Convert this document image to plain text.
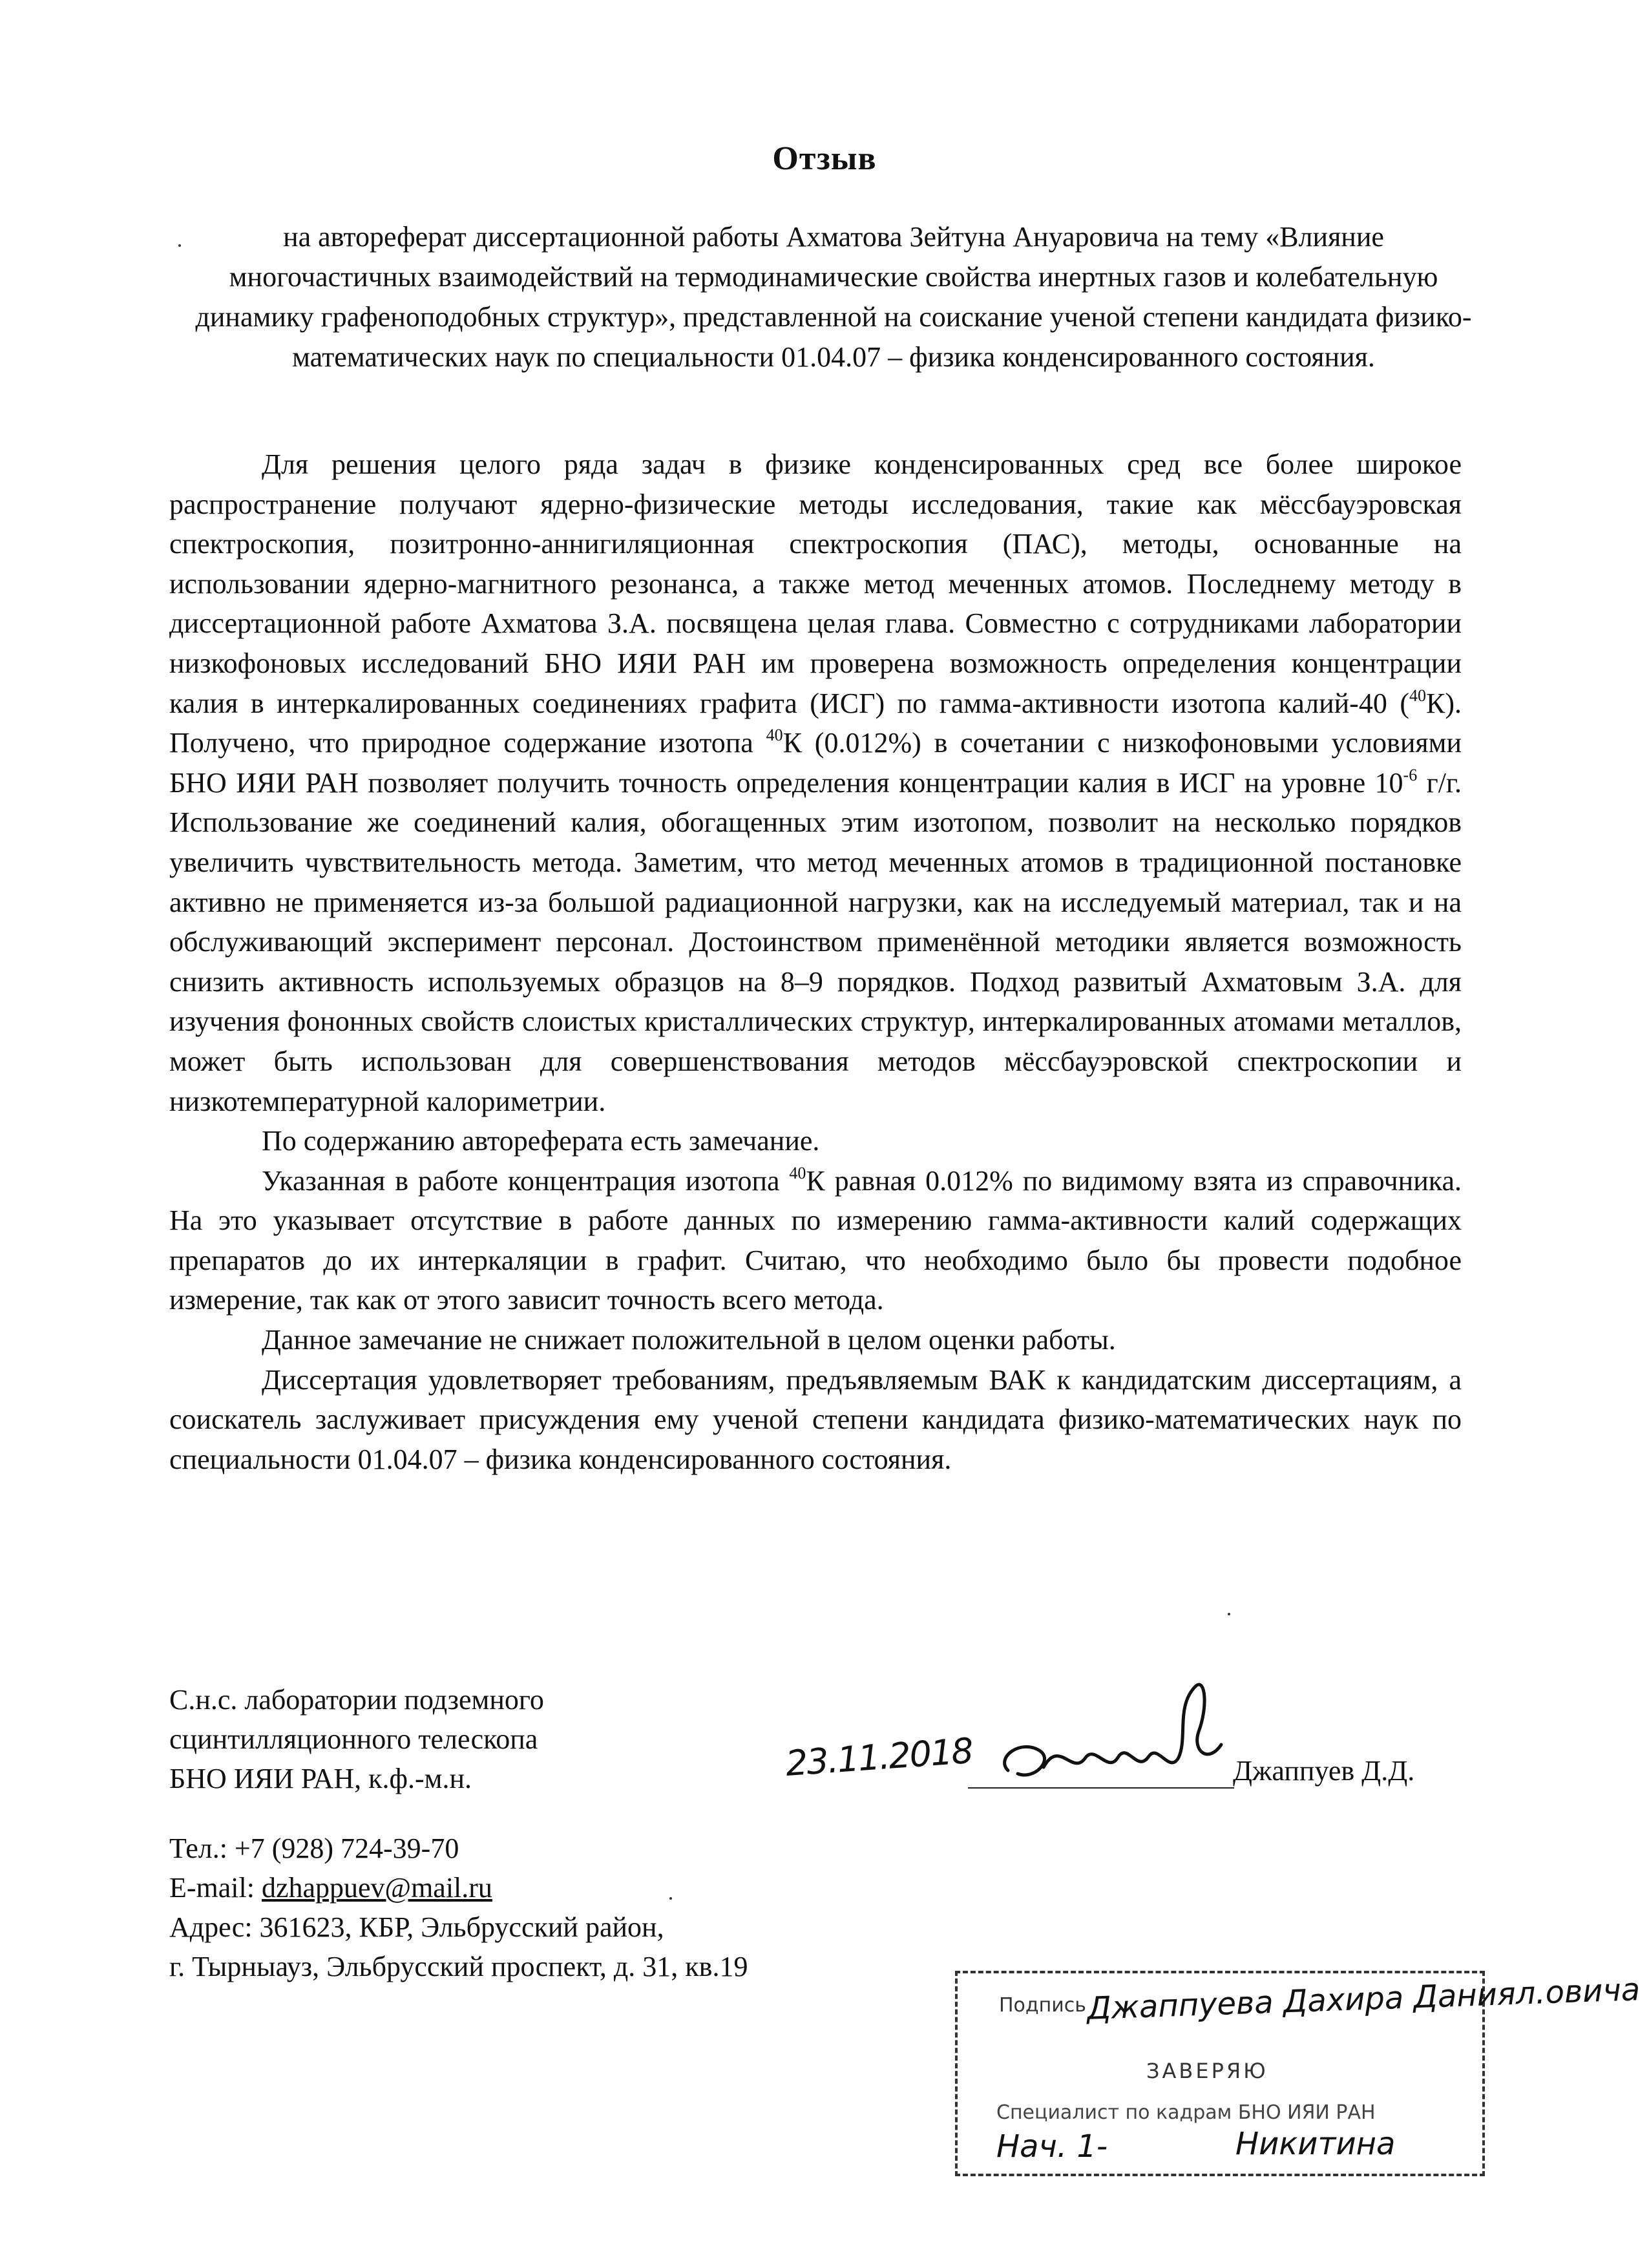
Отзыв
на автореферат диссертационной работы Ахматова Зейтуна Ануаровича на тему «Влияние многочастичных взаимодействий на термодинамические свойства инертных газов и колебательную динамику графеноподобных структур», представленной на соискание ученой степени кандидата физико-математических наук по специальности 01.04.07 – физика конденсированного состояния.

Для решения целого ряда задач в физике конденсированных сред все более широкое распространение получают ядерно-физические методы исследования, такие как мёссбауэровская спектроскопия, позитронно-аннигиляционная спектроскопия (ПАС), методы, основанные на использовании ядерно-магнитного резонанса, а также метод меченных атомов. Последнему методу в диссертационной работе Ахматова З.А. посвящена целая глава. Совместно с сотрудниками лаборатории низкофоновых исследований БНО ИЯИ РАН им проверена возможность определения концентрации калия в интеркалированных соединениях графита (ИСГ) по гамма-активности изотопа калий-40 ($^{40}$К). Получено, что природное содержание изотопа $^{40}$К (0.012%) в сочетании с низкофоновыми условиями БНО ИЯИ РАН позволяет получить точность определения концентрации калия в ИСГ на уровне $10^{-6}$ г/г. Использование же соединений калия, обогащенных этим изотопом, позволит на несколько порядков увеличить чувствительность метода. Заметим, что метод меченных атомов в традиционной постановке активно не применяется из-за большой радиационной нагрузки, как на исследуемый материал, так и на обслуживающий эксперимент персонал. Достоинством применённой методики является возможность снизить активность используемых образцов на 8–9 порядков. Подход развитый Ахматовым З.А. для изучения фононных свойств слоистых кристаллических структур, интеркалированных атомами металлов, может быть использован для совершенствования методов мёссбауэровской спектроскопии и низкотемпературной калориметрии.

По содержанию автореферата есть замечание.

Указанная в работе концентрация изотопа $^{40}$К равная 0.012% по видимому взята из справочника. На это указывает отсутствие в работе данных по измерению гамма-активности калий содержащих препаратов до их интеркаляции в графит. Считаю, что необходимо было бы провести подобное измерение, так как от этого зависит точность всего метода.

Данное замечание не снижает положительной в целом оценки работы.

Диссертация удовлетворяет требованиям, предъявляемым ВАК к кандидатским диссертациям, а соискатель заслуживает присуждения ему ученой степени кандидата физико-математических наук по специальности 01.04.07 – физика конденсированного состояния.

С.н.с. лаборатории подземного
сцинтилляционного телескопа
БНО ИЯИ РАН, к.ф.-м.н.	23.11.2018	Джаппуев Д.Д.
Тел.: +7 (928) 724-39-70
E-mail: dzhappuev@mail.ru
Адрес: 361623, КБР, Эльбрусский район,
г. Тырныауз, Эльбрусский проспект, д. 31, кв.19
Подпись Джаппуева Дахира Даниял.овича
ЗАВЕРЯЮ
Специалист по кадрам БНО ИЯИ РАН
Нач. 1-	Никитина
